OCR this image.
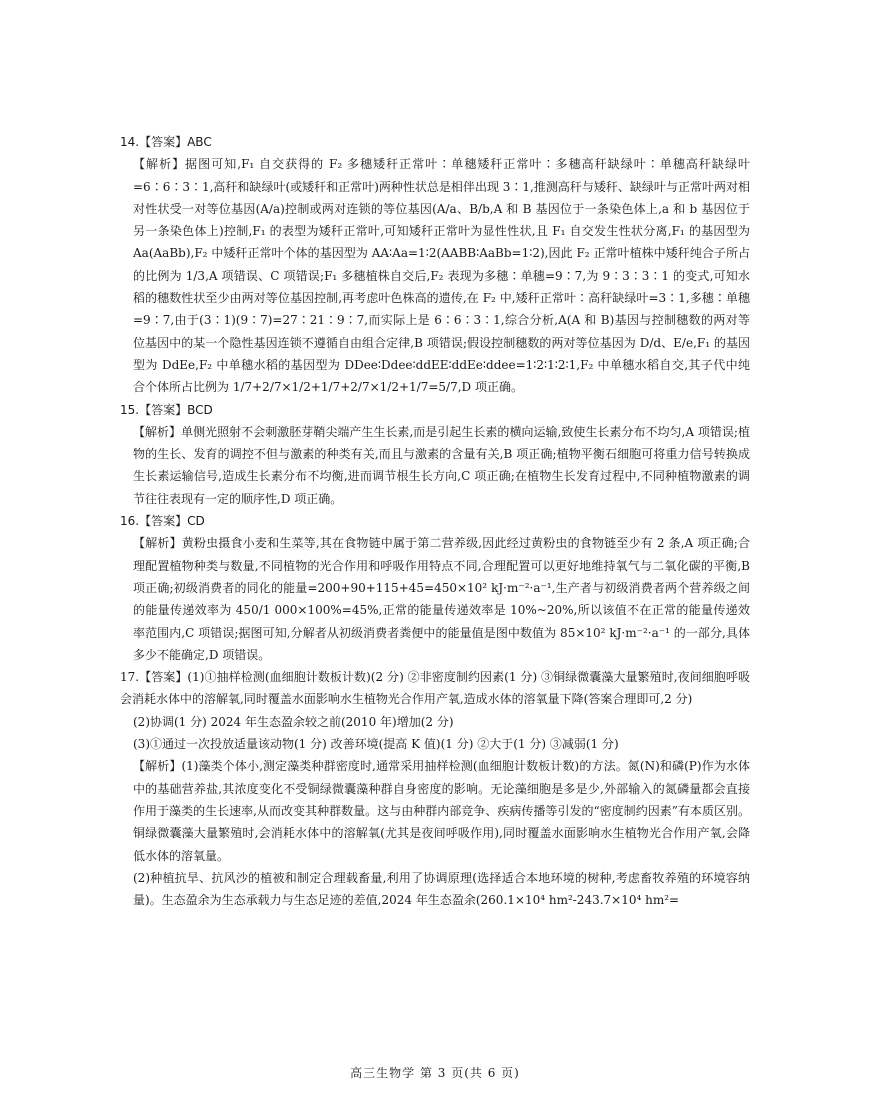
14.【答案】ABC

【解析】据图可知,F₁ 自交获得的 F₂ 多穗矮秆正常叶∶单穗矮秆正常叶∶多穗高秆缺绿叶∶单穗高秆缺绿叶=6∶6∶3∶1,高秆和缺绿叶(或矮秆和正常叶)两种性状总是相伴出现 3∶1,推测高秆与矮秆、缺绿叶与正常叶两对相对性状受一对等位基因(A/a)控制或两对连锁的等位基因(A/a、B/b,A 和 B 基因位于一条染色体上,a 和 b 基因位于另一条染色体上)控制,F₁ 的表型为矮秆正常叶,可知矮秆正常叶为显性性状,且 F₁ 自交发生性状分离,F₁ 的基因型为 Aa(AaBb),F₂ 中矮秆正常叶个体的基因型为 AA∶Aa=1∶2(AABB∶AaBb=1∶2),因此 F₂ 正常叶植株中矮秆纯合子所占的比例为 1/3,A 项错误、C 项错误;F₁ 多穗植株自交后,F₂ 表现为多穗∶单穗=9∶7,为 9∶3∶3∶1 的变式,可知水稻的穗数性状至少由两对等位基因控制,再考虑叶色株高的遗传,在 F₂ 中,矮秆正常叶∶高秆缺绿叶=3∶1,多穗∶单穗=9∶7,由于(3∶1)(9∶7)=27∶21∶9∶7,而实际上是 6∶6∶3∶1,综合分析,A(A 和 B)基因与控制穗数的两对等位基因中的某一个隐性基因连锁不遵循自由组合定律,B 项错误;假设控制穗数的两对等位基因为 D/d、E/e,F₁ 的基因型为 DdEe,F₂ 中单穗水稻的基因型为 DDee∶Ddee∶ddEE∶ddEe∶ddee=1∶2∶1∶2∶1,F₂ 中单穗水稻自交,其子代中纯合个体所占比例为 1/7+2/7×1/2+1/7+2/7×1/2+1/7=5/7,D 项正确。

15.【答案】BCD

【解析】单侧光照射不会刺激胚芽鞘尖端产生生长素,而是引起生长素的横向运输,致使生长素分布不均匀,A 项错误;植物的生长、发育的调控不但与激素的种类有关,而且与激素的含量有关,B 项正确;植物平衡石细胞可将重力信号转换成生长素运输信号,造成生长素分布不均衡,进而调节根生长方向,C 项正确;在植物生长发育过程中,不同种植物激素的调节往往表现有一定的顺序性,D 项正确。

16.【答案】CD

【解析】黄粉虫摄食小麦和生菜等,其在食物链中属于第二营养级,因此经过黄粉虫的食物链至少有 2 条,A 项正确;合理配置植物种类与数量,不同植物的光合作用和呼吸作用特点不同,合理配置可以更好地维持氧气与二氧化碳的平衡,B 项正确;初级消费者的同化的能量=200+90+115+45=450×10² kJ·m⁻²·a⁻¹,生产者与初级消费者两个营养级之间的能量传递效率为 450/1 000×100%=45%,正常的能量传递效率是 10%~20%,所以该值不在正常的能量传递效率范围内,C 项错误;据图可知,分解者从初级消费者粪便中的能量值是图中数值为 85×10² kJ·m⁻²·a⁻¹ 的一部分,具体多少不能确定,D 项错误。

17.【答案】(1)①抽样检测(血细胞计数板计数)(2 分) ②非密度制约因素(1 分) ③铜绿微囊藻大量繁殖时,夜间细胞呼吸会消耗水体中的溶解氧,同时覆盖水面影响水生植物光合作用产氧,造成水体的溶氧量下降(答案合理即可,2 分)

(2)协调(1 分) 2024 年生态盈余较之前(2010 年)增加(2 分)

(3)①通过一次投放适量该动物(1 分) 改善环境(提高 K 值)(1 分) ②大于(1 分) ③减弱(1 分)

【解析】(1)藻类个体小,测定藻类种群密度时,通常采用抽样检测(血细胞计数板计数)的方法。氮(N)和磷(P)作为水体中的基础营养盐,其浓度变化不受铜绿微囊藻种群自身密度的影响。无论藻细胞是多是少,外部输入的氮磷量都会直接作用于藻类的生长速率,从而改变其种群数量。这与由种群内部竞争、疾病传播等引发的“密度制约因素”有本质区别。铜绿微囊藻大量繁殖时,会消耗水体中的溶解氧(尤其是夜间呼吸作用),同时覆盖水面影响水生植物光合作用产氧,会降低水体的溶氧量。

(2)种植抗旱、抗风沙的植被和制定合理载畜量,利用了协调原理(选择适合本地环境的树种,考虑畜牧养殖的环境容纳量)。生态盈余为生态承载力与生态足迹的差值,2024 年生态盈余(260.1×10⁴ hm²-243.7×10⁴ hm²=

高三生物学 第 3 页(共 6 页)
